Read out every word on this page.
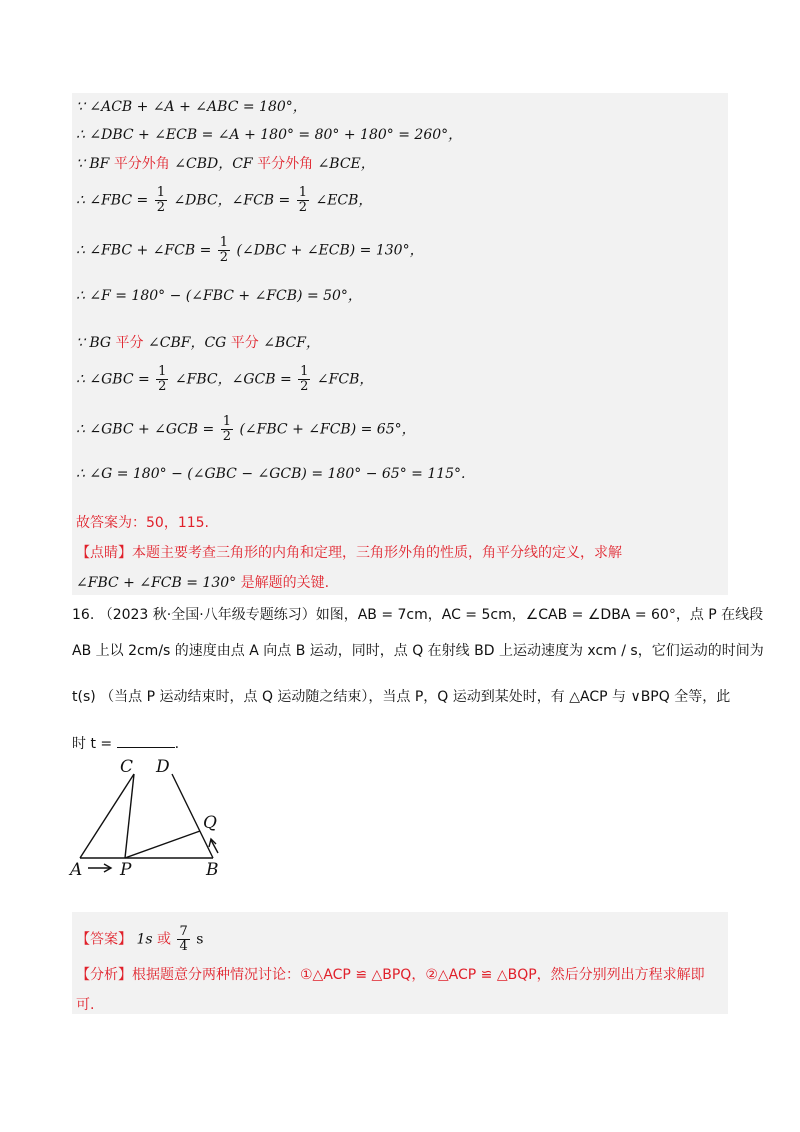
∵ ∠ACB + ∠A + ∠ABC = 180°，
∴ ∠DBC + ∠ECB = ∠A + 180° = 80° + 180° = 260°，
∵ BF 平分外角 ∠CBD，CF 平分外角 ∠BCE，
∴ ∠FBC = $\frac{1}{2}$ ∠DBC，∠FCB = $\frac{1}{2}$ ∠ECB，
∴ ∠FBC + ∠FCB = $\frac{1}{2}$ (∠DBC + ∠ECB) = 130°，
∴ ∠F = 180° − (∠FBC + ∠FCB) = 50°，
∵ BG 平分 ∠CBF，CG 平分 ∠BCF，
∴ ∠GBC = $\frac{1}{2}$ ∠FBC，∠GCB = $\frac{1}{2}$ ∠FCB，
∴ ∠GBC + ∠GCB = $\frac{1}{2}$ (∠FBC + ∠FCB) = 65°，
∴ ∠G = 180° − (∠GBC − ∠GCB) = 180° − 65° = 115°.
故答案为：50，115.
【点睛】本题主要考查三角形的内角和定理，三角形外角的性质，角平分线的定义，求解
∠FBC + ∠FCB = 130° 是解题的关键.
16. （2023 秋·全国·八年级专题练习）如图，AB = 7cm，AC = 5cm，∠CAB = ∠DBA = 60°，点 P 在线段
AB 上以 2cm/s 的速度由点 A 向点 B 运动，同时，点 Q 在射线 BD 上运动速度为 xcm / s，它们运动的时间为
t(s) （当点 P 运动结束时，点 Q 运动随之结束），当点 P，Q 运动到某处时，有 △ACP 与 ∨BPQ 全等，此
时 t =	.
C D
Q
A P	B
【答案】 1s 或 $\frac{7}{4}$ s
【分析】根据题意分两种情况讨论：①△ACP ≌ △BPQ，②△ACP ≌ △BQP，然后分别列出方程求解即
可.
